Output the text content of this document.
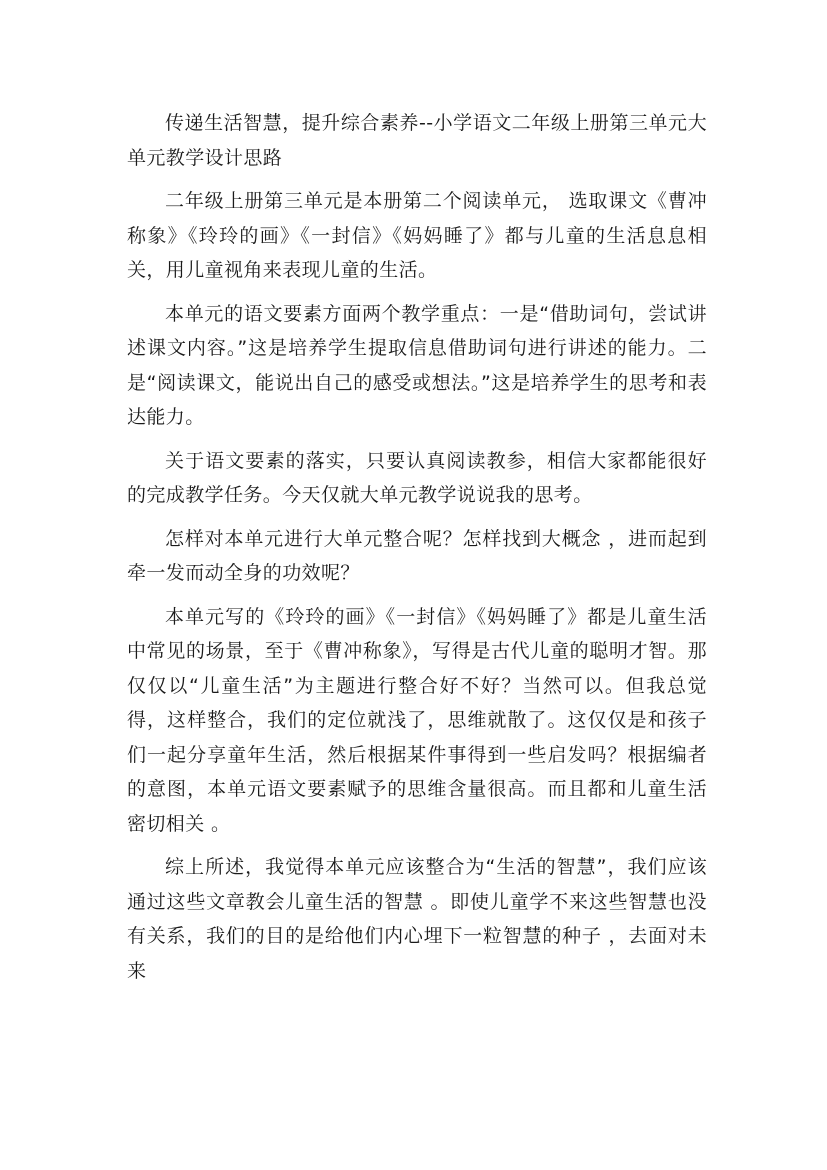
传递生活智慧，提升综合素养--小学语文二年级上册第三单元大单元教学设计思路

二年级上册第三单元是本册第二个阅读单元， 选取课文《曹冲称象》《玲玲的画》《一封信》《妈妈睡了》都与儿童的生活息息相关，用儿童视角来表现儿童的生活。

本单元的语文要素方面两个教学重点：一是“借助词句，尝试讲述课文内容。”这是培养学生提取信息借助词句进行讲述的能力。二是“阅读课文，能说出自己的感受或想法。”这是培养学生的思考和表达能力。

关于语文要素的落实，只要认真阅读教参，相信大家都能很好的完成教学任务。今天仅就大单元教学说说我的思考。

怎样对本单元进行大单元整合呢？怎样找到大概念 ，进而起到牵一发而动全身的功效呢？

本单元写的《玲玲的画》《一封信》《妈妈睡了》都是儿童生活中常见的场景，至于《曹冲称象》，写得是古代儿童的聪明才智。那仅仅以“儿童生活”为主题进行整合好不好？当然可以。但我总觉得，这样整合，我们的定位就浅了，思维就散了。这仅仅是和孩子们一起分享童年生活，然后根据某件事得到一些启发吗？根据编者的意图，本单元语文要素赋予的思维含量很高。而且都和儿童生活密切相关 。

综上所述，我觉得本单元应该整合为“生活的智慧”，我们应该通过这些文章教会儿童生活的智慧 。即使儿童学不来这些智慧也没有关系，我们的目的是给他们内心埋下一粒智慧的种子 ，去面对未来
